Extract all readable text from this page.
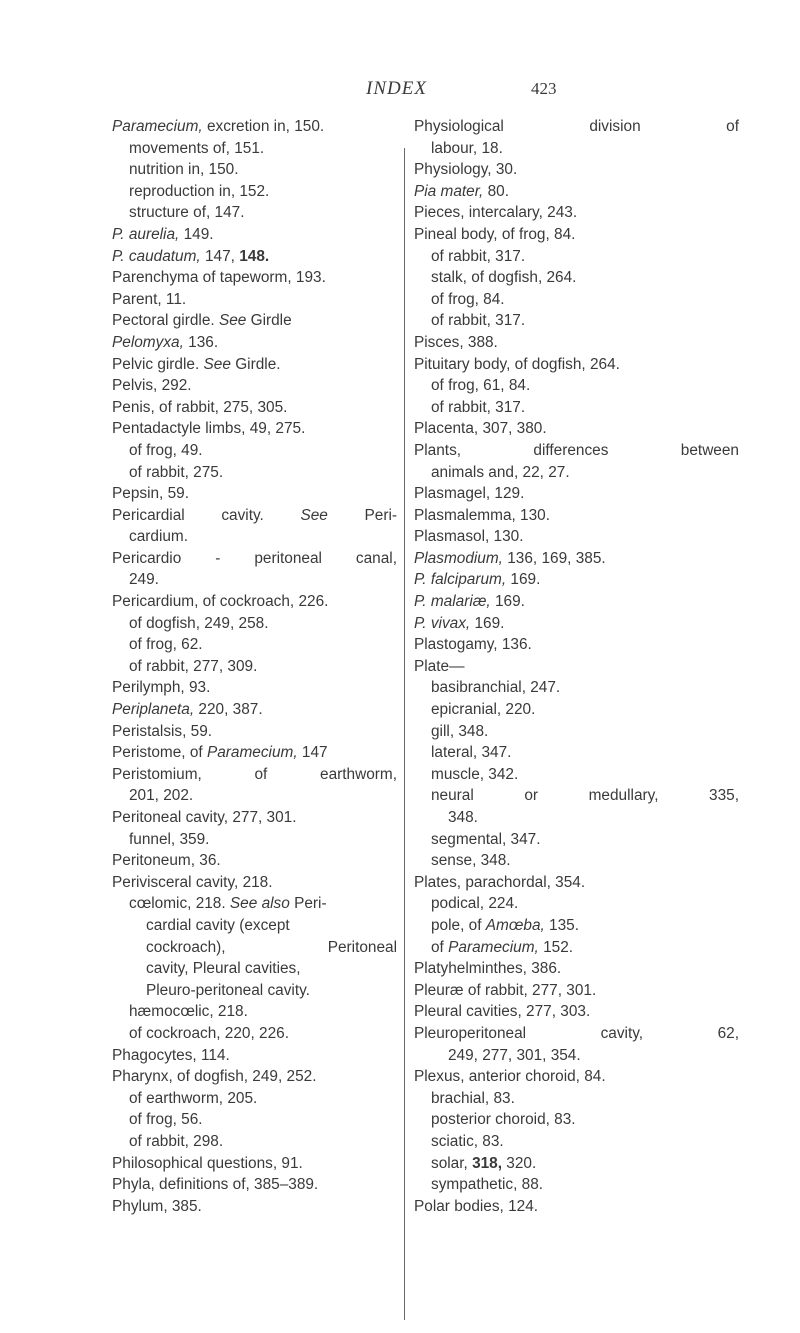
INDEX	423
Paramecium, excretion in, 150.
movements of, 151.
nutrition in, 150.
reproduction in, 152.
structure of, 147.
P. aurelia, 149.
P. caudatum, 147, 148.
Parenchyma of tapeworm, 193.
Parent, 11.
Pectoral girdle. See Girdle
Pelomyxa, 136.
Pelvic girdle. See Girdle.
Pelvis, 292.
Penis, of rabbit, 275, 305.
Pentadactyle limbs, 49, 275.
of frog, 49.
of rabbit, 275.
Pepsin, 59.
Pericardial cavity. See Peri-
cardium.
Pericardio - peritoneal canal,
249.
Pericardium, of cockroach, 226.
of dogfish, 249, 258.
of frog, 62.
of rabbit, 277, 309.
Perilymph, 93.
Periplaneta, 220, 387.
Peristalsis, 59.
Peristome, of Paramecium, 147
Peristomium, of earthworm,
201, 202.
Peritoneal cavity, 277, 301.
funnel, 359.
Peritoneum, 36.
Perivisceral cavity, 218.
cœlomic, 218. See also Peri-
cardial cavity (except
cockroach), Peritoneal
cavity, Pleural cavities,
Pleuro-peritoneal cavity.
hæmocœlic, 218.
of cockroach, 220, 226.
Phagocytes, 114.
Pharynx, of dogfish, 249, 252.
of earthworm, 205.
of frog, 56.
of rabbit, 298.
Philosophical questions, 91.
Phyla, definitions of, 385–389.
Phylum, 385.
Physiological division of
labour, 18.
Physiology, 30.
Pia mater, 80.
Pieces, intercalary, 243.
Pineal body, of frog, 84.
of rabbit, 317.
stalk, of dogfish, 264.
of frog, 84.
of rabbit, 317.
Pisces, 388.
Pituitary body, of dogfish, 264.
of frog, 61, 84.
of rabbit, 317.
Placenta, 307, 380.
Plants, differences between
animals and, 22, 27.
Plasmagel, 129.
Plasmalemma, 130.
Plasmasol, 130.
Plasmodium, 136, 169, 385.
P. falciparum, 169.
P. malariæ, 169.
P. vivax, 169.
Plastogamy, 136.
Plate—
basibranchial, 247.
epicranial, 220.
gill, 348.
lateral, 347.
muscle, 342.
neural or medullary, 335,
348.
segmental, 347.
sense, 348.
Plates, parachordal, 354.
podical, 224.
pole, of Amœba, 135.
of Paramecium, 152.
Platyhelminthes, 386.
Pleuræ of rabbit, 277, 301.
Pleural cavities, 277, 303.
Pleuroperitoneal cavity, 62,
249, 277, 301, 354.
Plexus, anterior choroid, 84.
brachial, 83.
posterior choroid, 83.
sciatic, 83.
solar, 318, 320.
sympathetic, 88.
Polar bodies, 124.
